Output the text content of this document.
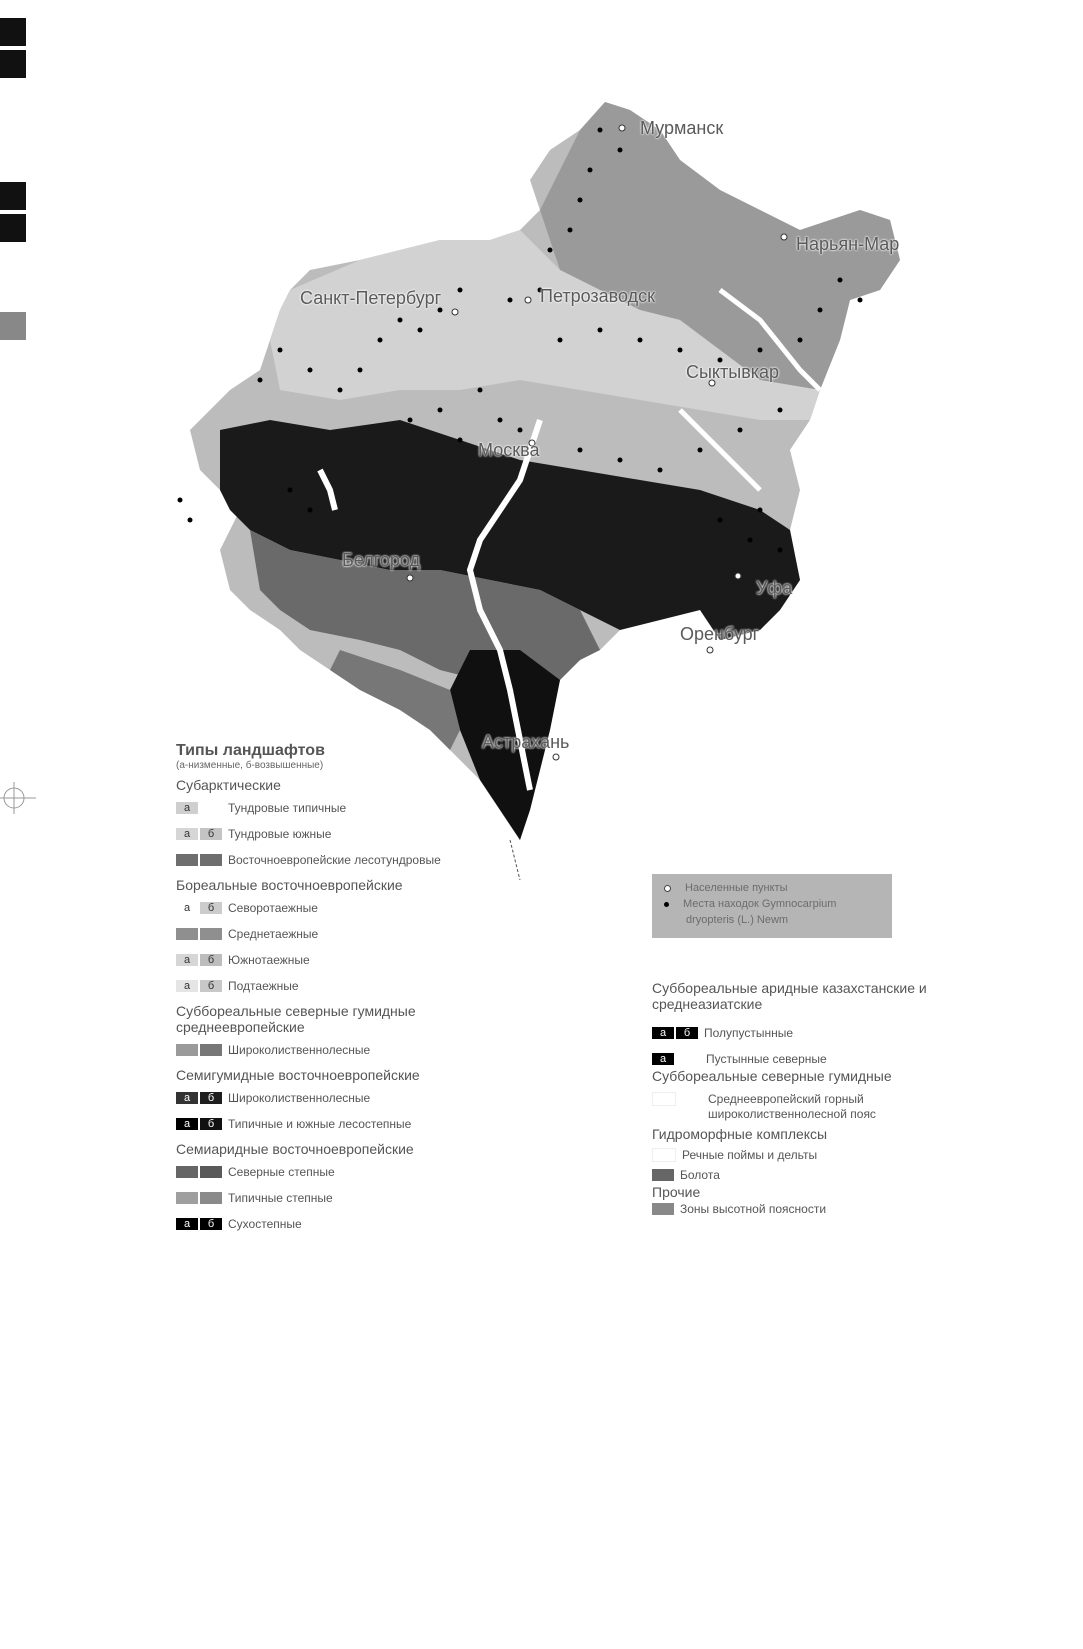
Мурманск
Нарьян-Мар
Санкт-Петербург	Петрозаводск
Сыктывкар
Москва
Белгород
Уфа
Оренбург
Астрахань
Типы ландшафтов
(а-низменные, б-возвышенные)
Субарктические
а	Тундровые типичные
а	б	Тундровые южные
Восточноевропейские лесотундровые
Бореальные восточноевропейские
а	б	Севоротаежные
Среднетаежные
а	б	Южнотаежные
а	б	Подтаежные
Суббореальные северные гумидные среднеевропейские
Широколиственнолесные
Семигумидные восточноевропейские
а	б	Широколиственнолесные
а	б	Типичные и южные лесостепные
Семиаридные восточноевропейские
Северные степные
Типичные степные
а	б	Сухостепные
Населенные пункты
Места находок Gymnocarpium
dryopteris (L.) Newm
Суббореальные аридные казахстанские и среднеазиатские
а	б	Полупустынные
а	Пустынные северные
Суббореальные северные гумидные
Среднеевропейский горный
широколиственнолесной пояс
Гидроморфные комплексы
Речные поймы и дельты
Болота
Прочие
Зоны высотной поясности
